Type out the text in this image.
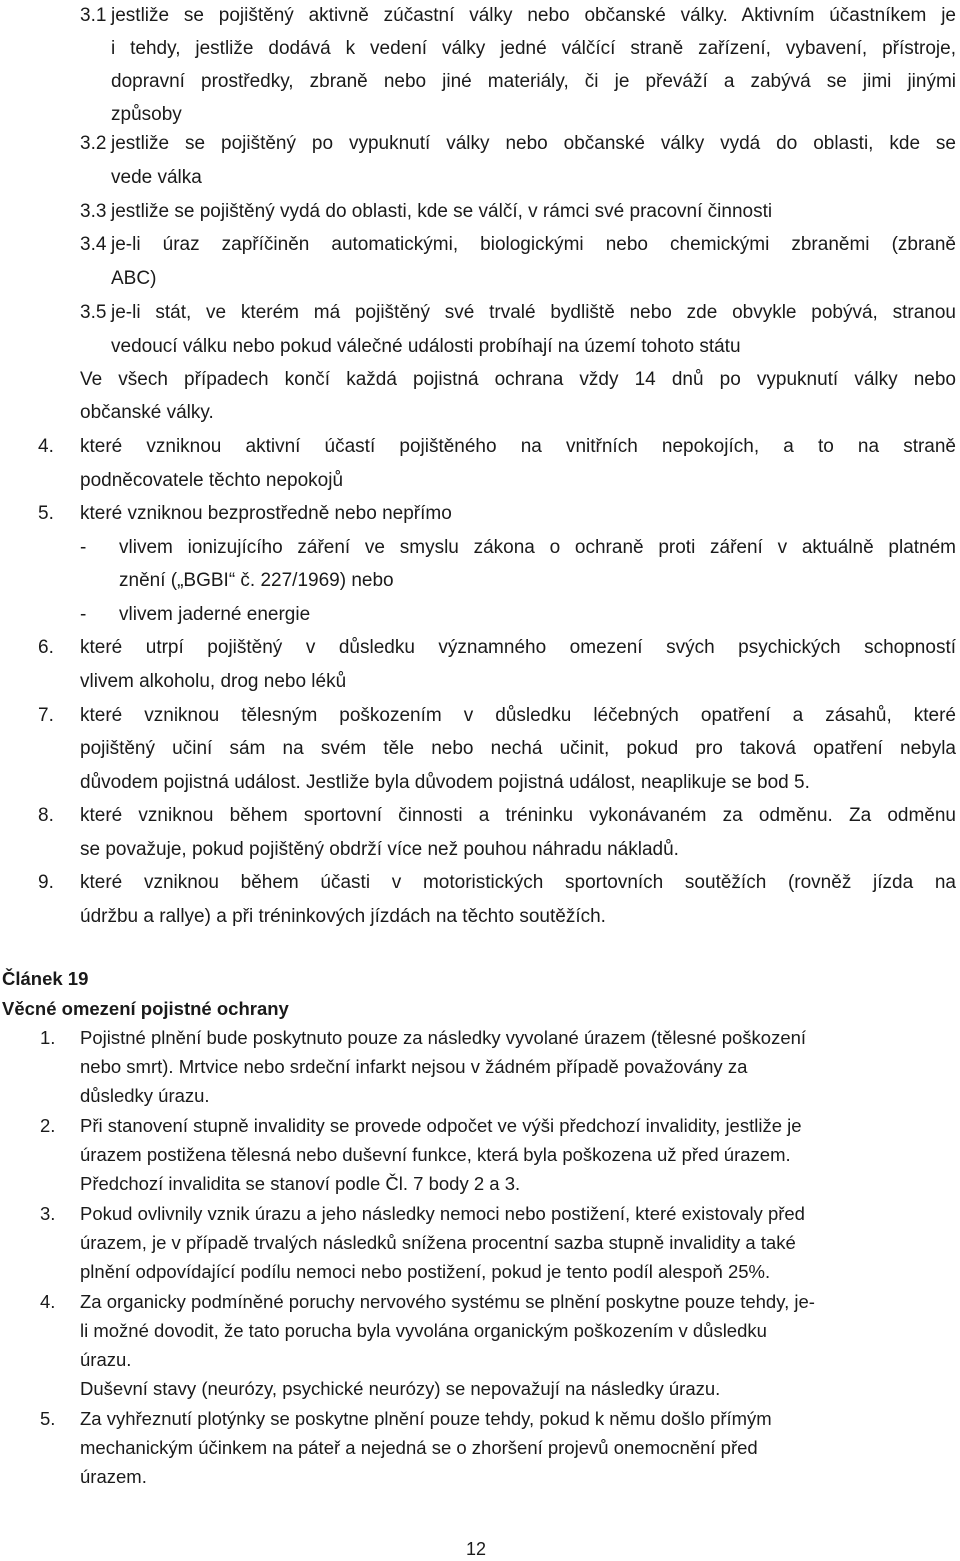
3.1 jestliže se pojištěný aktivně zúčastní války nebo občanské války. Aktivním účastníkem je
i tehdy, jestliže dodává k vedení války jedné válčící straně zařízení, vybavení, přístroje,
dopravní prostředky, zbraně nebo jiné materiály, či je převáží a zabývá se jimi jinými
způsoby
3.2 jestliže se pojištěný po vypuknutí války nebo občanské války vydá do oblasti, kde se
vede válka
3.3 jestliže se pojištěný vydá do oblasti, kde se válčí, v rámci své pracovní činnosti
3.4 je-li úraz zapříčiněn automatickými, biologickými nebo chemickými zbraněmi (zbraně
ABC)
3.5 je-li stát, ve kterém má pojištěný své trvalé bydliště nebo zde obvykle pobývá, stranou
vedoucí válku nebo pokud válečné události probíhají na území tohoto státu
Ve všech případech končí každá pojistná ochrana vždy 14 dnů po vypuknutí války nebo
občanské války.
4. které vzniknou aktivní účastí pojištěného na vnitřních nepokojích, a to na straně
podněcovatele těchto nepokojů
5. které vzniknou bezprostředně nebo nepřímo
- vlivem ionizujícího záření ve smyslu zákona o ochraně proti záření v aktuálně platném
znění („BGBI“ č. 227/1969) nebo
- vlivem jaderné energie
6. které utrpí pojištěný v důsledku významného omezení svých psychických schopností
vlivem alkoholu, drog nebo léků
7. které vzniknou tělesným poškozením v důsledku léčebných opatření a zásahů, které
pojištěný učiní sám na svém těle nebo nechá učinit, pokud pro taková opatření nebyla
důvodem pojistná událost. Jestliže byla důvodem pojistná událost, neaplikuje se bod 5.
8. které vzniknou během sportovní činnosti a tréninku vykonávaném za odměnu. Za odměnu
se považuje, pokud pojištěný obdrží více než pouhou náhradu nákladů.
9. které vzniknou během účasti v motoristických sportovních soutěžích (rovněž jízda na
údržbu a rallye) a při tréninkových jízdách na těchto soutěžích.
Článek 19
Věcné omezení pojistné ochrany
1. Pojistné plnění bude poskytnuto pouze za následky vyvolané úrazem (tělesné poškození
nebo smrt). Mrtvice nebo srdeční infarkt nejsou v žádném případě považovány za
důsledky úrazu.
2. Při stanovení stupně invalidity se provede odpočet ve výši předchozí invalidity, jestliže je
úrazem postižena tělesná nebo duševní funkce, která byla poškozena už před úrazem.
Předchozí invalidita se stanoví podle Čl. 7 body 2 a 3.
3. Pokud ovlivnily vznik úrazu a jeho následky nemoci nebo postižení, které existovaly před
úrazem, je v případě trvalých následků snížena procentní sazba stupně invalidity a také
plnění odpovídající podílu nemoci nebo postižení, pokud je tento podíl alespoň 25%.
4. Za organicky podmíněné poruchy nervového systému se plnění poskytne pouze tehdy, je-
li možné dovodit, že tato porucha byla vyvolána organickým poškozením v důsledku
úrazu.
Duševní stavy (neurózy, psychické neurózy) se nepovažují na následky úrazu.
5. Za vyhřeznutí plotýnky se poskytne plnění pouze tehdy, pokud k němu došlo přímým
mechanickým účinkem na páteř a nejedná se o zhoršení projevů onemocnění před
úrazem.
12
